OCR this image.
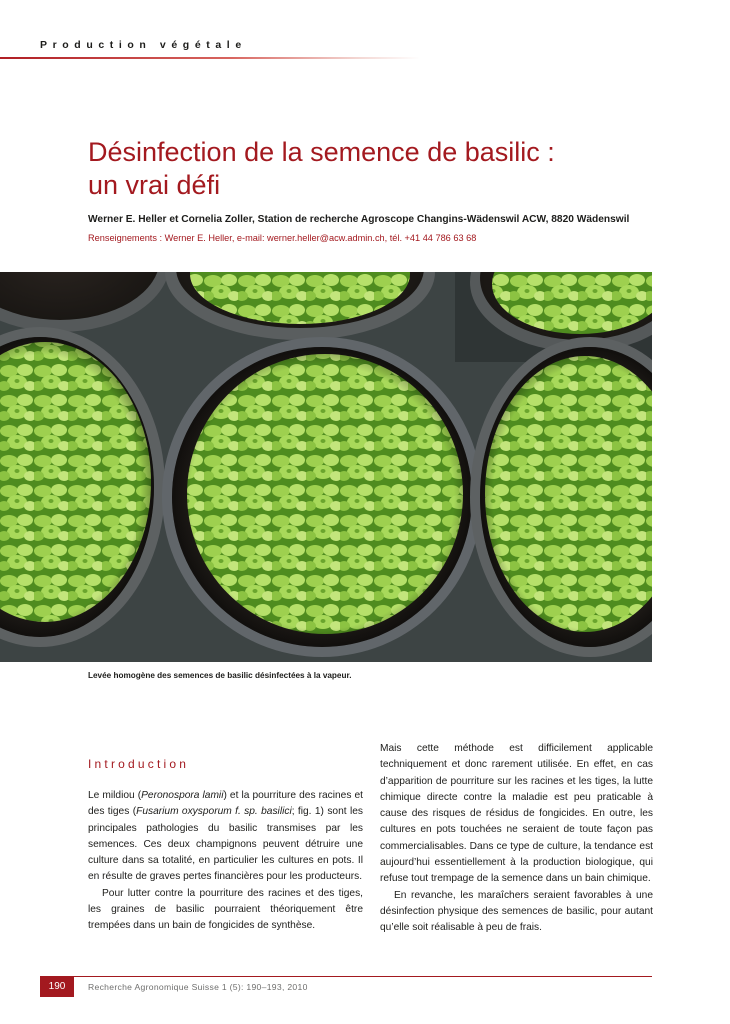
Production végétale
Désinfection de la semence de basilic :
un vrai défi
Werner E. Heller et Cornelia Zoller, Station de recherche Agroscope Changins-Wädenswil ACW, 8820 Wädenswil
Renseignements : Werner E. Heller, e-mail: werner.heller@acw.admin.ch, tél. +41 44 786 63 68
Levée homogène des semences de basilic désinfectées à la vapeur.
Introduction

Le mildiou (Peronospora lamii) et la pourriture des racines et des tiges (Fusarium oxysporum f. sp. basilici; fig. 1) sont les principales pathologies du basilic transmises par les semences. Ces deux champignons peuvent détruire une culture dans sa totalité, en particulier les cultures en pots. Il en résulte de graves pertes financières pour les producteurs.

Pour lutter contre la pourriture des racines et des tiges, les graines de basilic pourraient théoriquement être trempées dans un bain de fongicides de synthèse.

Mais cette méthode est difficilement applicable techniquement et donc rarement utilisée. En effet, en cas d’apparition de pourriture sur les racines et les tiges, la lutte chimique directe contre la maladie est peu praticable à cause des risques de résidus de fongicides. En outre, les cultures en pots touchées ne seraient de toute façon pas commercialisables. Dans ce type de culture, la tendance est aujourd’hui essentiellement à la production biologique, qui refuse tout trempage de la semence dans un bain chimique.

En revanche, les maraîchers seraient favorables à une désinfection physique des semences de basilic, pour autant qu’elle soit réalisable à peu de frais.

190	Recherche Agronomique Suisse 1 (5): 190–193, 2010
